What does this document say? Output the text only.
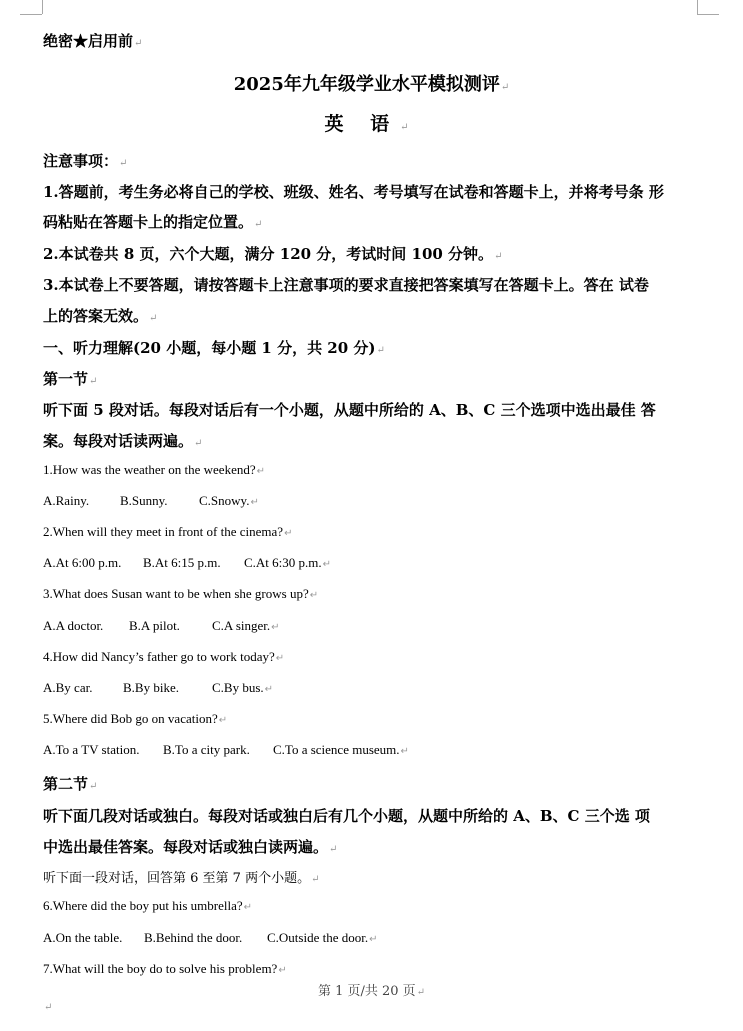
绝密★启用前↵
2025年九年级学业水平模拟测评↵
英 语↵
注意事项：↵
1.答题前，考生务必将自己的学校、班级、姓名、考号填写在试卷和答题卡上，并将考号条 形
码粘贴在答题卡上的指定位置。↵
2.本试卷共 8 页，六个大题，满分 120 分，考试时间 100 分钟。↵
3.本试卷上不要答题，请按答题卡上注意事项的要求直接把答案填写在答题卡上。答在 试卷
上的答案无效。↵
一、听力理解(20 小题，每小题 1 分，共 20 分)↵
第一节↵
听下面 5 段对话。每段对话后有一个小题，从题中所给的 A、B、C 三个选项中选出最佳 答
案。每段对话读两遍。↵
1.How was the weather on the weekend?↵
A.Rainy. B.Sunny. C.Snowy.↵
2.When will they meet in front of the cinema?↵
A.At 6:00 p.m. B.At 6:15 p.m. C.At 6:30 p.m.↵
3.What does Susan want to be when she grows up?↵
A.A doctor. B.A pilot. C.A singer.↵
4.How did Nancy’s father go to work today?↵
A.By car. B.By bike.	C.By bus.↵
5.Where did Bob go on vacation?↵
A.To a TV station. B.To a city park. C.To a science museum.↵
第二节↵
听下面几段对话或独白。每段对话或独白后有几个小题，从题中所给的 A、B、C 三个选 项
中选出最佳答案。每段对话或独白读两遍。↵
听下面一段对话，回答第 6 至第 7 两个小题。↵
6.Where did the boy put his umbrella?↵
A.On the table. B.Behind the door. C.Outside the door.↵
7.What will the boy do to solve his problem?↵
第 1 页/共 20 页↵
↵
